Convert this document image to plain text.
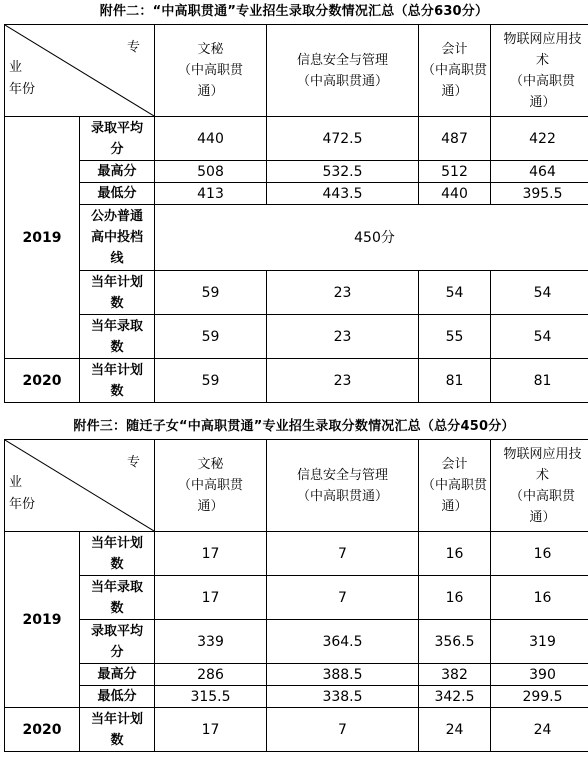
附件二：“中高职贯通”专业招生录取分数情况汇总（总分630分）
专
业
年份		文秘
（中高职贯
通）	信息安全与管理
（中高职贯通）	会计
（中高职贯
通）	物联网应用技
术
（中高职贯
通）
2019	录取平均
分	440	472.5	487	422
	最高分	508	532.5	512	464
	最低分	413	443.5	440	395.5
	公办普通
高中投档
线	450分			
	当年计划
数	59	23	54	54
	当年录取
数	59	23	55	54
2020	当年计划
数	59	23	81	81
附件三：随迁子女“中高职贯通”专业招生录取分数情况汇总（总分450分）
专
业
年份		文秘
（中高职贯
通）	信息安全与管理
（中高职贯通）	会计
（中高职贯
通）	物联网应用技
术
（中高职贯
通）
2019	当年计划
数	17	7	16	16
	当年录取
数	17	7	16	16
	录取平均
分	339	364.5	356.5	319
	最高分	286	388.5	382	390
	最低分	315.5	338.5	342.5	299.5
2020	当年计划
数	17	7	24	24
